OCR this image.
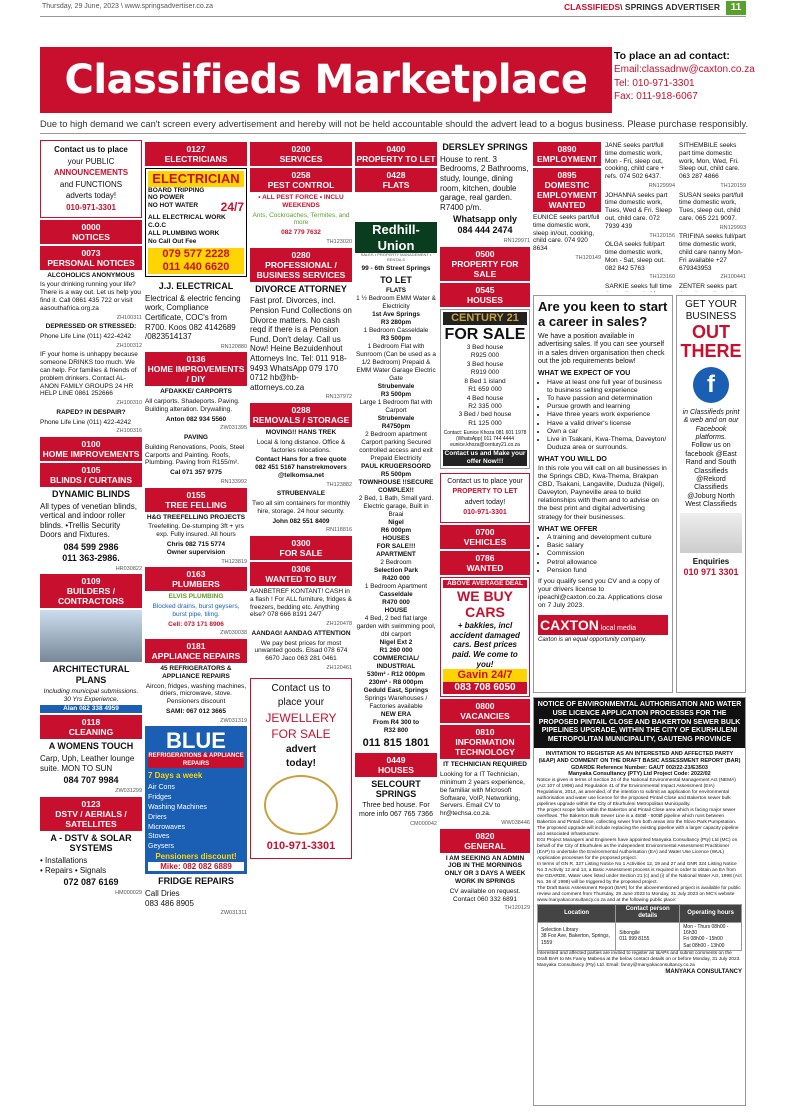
Thursday, 29 June, 2023 \ www.springsadvertiser.co.za	CLASSIFIEDS\ SPRINGS ADVERTISER	11
Classifieds Marketplace
To place an ad contact:
Email:classadnw@caxton.co.za
Tel: 010-971-3301
Fax: 011-918-6067
Due to high demand we can't screen every advertisement and hereby will not be held accountable should the advert lead to a bogus business. Please purchase responsibly.
Contact us to place
your PUBLIC
ANNOUNCEMENTS
and FUNCTIONS
adverts today!
010-971-3301
0000
NOTICES
0073
PERSONAL NOTICES

ALCOHOLICS ANONYMOUS

Is your drinking running your life? There is a way out. Let us help you find it. Call 0861 435 722 or visit aasouthafrica.org.za

ZH100311

DEPRESSED OR STRESSED:

Phone Life Line (011) 422-4242

ZH100312

IF your home is unhappy because someone DRINKS too much. We can help. For families & friends of problem drinkers. Contact AL-ANON FAMILY GROUPS 24 HR HELP LINE 0861 252666

ZH100310

RAPED? IN DESPAIR?

Phone Life Line (011) 422-4242

ZH100316
0100
HOME IMPROVEMENTS
0105
BLINDS / CURTAINS

DYNAMIC BLINDS

All types of venetian blinds, vertical and indoor roller blinds. •Trellis Security Doors and Fixtures.

084 599 2986
011 363-2986.

HR030822
0109
BUILDERS / CONTRACTORS

ARCHITECTURAL PLANS

Including municipal submissions. 30 Yrs Experience.

Alan 082 338 4959

0118
CLEANING

A WOMENS TOUCH

Carp, Uph, Leather lounge suite. MON TO SUN

084 707 9984

ZW031299
0123
DSTV / AERIALS / SATELLITES

A - DSTV & SOLAR SYSTEMS

• Installations
• Repairs • Signals

072 087 6169

HM000029
0127
ELECTRICIANS
ELECTRICIAN
BOARD TRIPPING
NO POWER
NO HOT WATER	24/7
ALL ELECTRICAL WORK
C.O.C
ALL PLUMBING WORK
No Call Out Fee
079 577 2228
011 440 6620

J.J. ELECTRICAL

Electrical & electric fencing work, Compliance Certificate, COC's from R700. Koos 082 4142689 /0823514137

RN120880
0136
HOME IMPROVEMENTS / DIY

AFDAKKE/ CARPORTS

All carports. Shadeports. Paving. Building alteration. Drywalling.

Anton 082 934 5560

ZW031395

PAVING

Building Renovations, Pools, Steel Carports and Painting. Roofs, Plumbing. Paving from R155/m².

Cal 071 357 9775

RN133992
0155
TREE FELLING

H&G TREEFELLING PROJECTS

Treefelling. De-stumping 3ft + yrs exp. Fully insured. All hours

Chris 082 715 5774
Owner supervision

TH123819
0163
PLUMBERS

ELVIS PLUMBING

Blocked drains, burst geysers, burst pipe, tiling.

Cell: 073 171 8906

ZW030038
0181
APPLIANCE REPAIRS

45 REFRIGERATORS & APPLIANCE REPAIRS

Aircon, fridges, washing machines, driers, microwave, stove. Pensioners discount

SAMI: 067 012 3665

ZW031319
BLUE
REFRIGERATIONS & APPLIANCE REPAIRS
7 Days a week
Air Cons
Fridges
Washing Machines
Driers
Microwaves
Stoves
Geysers
Pensioners discount!
Mike: 082 082 6889

FRIDGE REPAIRS

Call Dries
083 486 8905

ZW031311
0200
SERVICES
0258
PEST CONTROL

• ALL PEST FORCE • INCLU WEEKENDS

Ants, Cockroaches, Termites, and more

082 779 7632

TH123020
0280
PROFESSIONAL / BUSINESS SERVICES

DIVORCE ATTORNEY

Fast prof. Divorces, incl. Pension Fund Collections on Divorce matters. No cash reqd if there is a Pension Fund. Don't delay. Call us Now! Heine Bezuidenhout Attorneys Inc. Tel: 011 918-9493 WhatsApp 079 170 0712 hb@hb-attorneys.co.za

RN137972
0288
REMOVALS / STORAGE

MOVING!! HANS TREK

Local & long distance. Office & factories relocations.

Contact Hans for a free quote 082 451 5167 hanstrekmovers @telkomsa.net

TH123882

STRUBENVALE

Two all sim containers for monthly hire, storage. 24 hour security.

John 082 551 8409

RN118816
0300
FOR SALE
0306
WANTED TO BUY

AANBETREF KONTANT! CASH in a flash ! For ALL furniture, fridges & freezers, bedding etc. Anything else? 078 666 8191 24/7

ZH120478

AANDAG! AANDAG ATTENTION

We pay best prices for most unwanted goods. Elsad 078 674 6670 Jaco 063 281 0461

ZH120461
Contact us to
place your
JEWELLERY
FOR SALE
advert
today!
010-971-3301
0400
PROPERTY TO LET
0428
FLATS
Redhill-Union
SALES • PROPERTY MANAGEMENT • RENTALS

99 - 6th Street Springs

TO LET

FLATS
1 ½ Bedroom EMM Water & Electricity
1st Ave Springs
R3 280pm
1 Bedroom Casseldale
R3 500pm
1 Bedroom Flat with Sunroom (Can be used as a 1/2 Bedroom) Prepaid & EMM Water Garage Electric Gate
Strubenvale
R3 500pm
Large 1 Bedroom flat with Carport
Strubenvale
R4750pm
2 Bedroom apartment Carport parking Secured controlled access and exit Prepaid Electricity
PAUL KRUGERSOORD
R5 500pm
TOWNHOUSE !!SECURE COMPLEX!!
2 Bed, 1 Bath, Small yard. Electric garage, Built in Braai
Nigel
R6 000pm
HOUSES
FOR SALE!!!
APARTMENT
2 Bedroom
Selection Park
R420 000
1 Bedroom Apartment
Casseldale
R470 000
HOUSE
4 Bed, 2 bed flat large garden with swimming pool, dbl carport
Nigel Ext 2
R1 260 000
COMMERCIAL/ INDUSTRIAL
530m² - R12 000pm
230m² - R8 000pm
Geduld East, Springs
Springs Warehouses / Factories available
NEW ERA
From R4 300 to
R32 800

011 815 1801

0449
HOUSES

SELCOURT SPRINGS

Three bed house. For more info 067 765 7366

CM000042

DERSLEY SPRINGS

House to rent. 3 Bedrooms, 2 Bathrooms, study, lounge, dining room, kitchen, double garage, real garden. R7400 p/m.

Whatsapp only
084 444 2474

RN129971
0500
PROPERTY FOR SALE
0545
HOUSES
CENTURY 21
FOR SALE
3 Bed house
R925 000
3 Bed house
R919 000
8 Bed 1 island
R1 659 000
4 Bed house
R2 335 000
3 Bed / bed house
R1 125 000

Contact: Eunice Khoza 081 601 1978 (WhatsApp) 011 744 4444 eunice.khoza@century21.co.za

Contact us and Make your offer Now!!!
Contact us to place your
PROPERTY TO LET
advert today!
010-971-3301
0700
VEHICLES
0786
WANTED
ABOVE AVERAGE DEAL
WE BUY CARS
+ bakkies, incl accident damaged cars. Best prices paid. We come to you!
Gavin 24/7
083 708 6050
0800
VACANCIES
0810
INFORMATION TECHNOLOGY

IT TECHNICIAN REQUIRED

Looking for a IT Technician, minimum 2 years experience, be familiar with Microsoft Software, VoIP, Networking, Servers. Email CV to hr@techsa.co.za.

WW038446
0820
GENERAL

I AM SEEKING AN ADMIN JOB IN THE MORNINGS ONLY OR 3 DAYS A WEEK WORK IN SPRINGS

CV available on request. Contact 060 332 6891

TH120129
0890
EMPLOYMENT
0895
DOMESTIC EMPLOYMENT WANTED

EUNICE seeks part/full time domestic work, sleep in/out, cooking, child care. 074 920 8634

TH120149

JANE seeks part/full time domestic work, Mon - Fri, sleep out, cooking, child care + refs. 074 502 6437.

RN129994

JOHANNA seeks part time domestic work, Tues, Wed & Fri. Sleep out, child care. 072 7939 439

TH120156

OLGA seeks full/part time domestic work, Mon - Sat, sleep out. 082 842 5763

TH123160

SARKIE seeks full time

SITHEMBILE seeks part time domestic work, Mon, Wed, Fri. Sleep out, child care. 063 287 4866

TH120159

SUSAN seeks part/full time domestic work, Tues, sleep out, child care. 065 221 9097.

RN129993

TRIFINA seeks full/part time domestic work, child care nanny Mon-Fri available +27 679343953

ZH100441

ZENTER seeks part

Are you keen to start a career in sales?

We have a position available in advertising sales. If you can see yourself in a sales driven organisation then check out the job requirements below!

WHAT WE EXPECT OF YOU
• Have at least one full year of business to business selling experience
• To have passion and determination
• Pursue growth and learning
• Have three years work experience
• Have a valid driver's license
• Own a car
• Live in Tsakani, Kwa-Thema, Daveyton/ Duduza area or surrounds.
WHAT YOU WILL DO

In this role you will call on all businesses in the Springs CBD, Kwa-Thema, Brakpan CBD, Tsakani, Langaville, Duduza (Nigel), Daveyton, Payneville area to build relationships with them and to advise on the best print and digital advertising strategy for their businesses.

WHAT WE OFFER
• A training and development culture
• Basic salary
• Commission
• Petrol allowance
• Pension fund

If you qualify send you CV and a copy of your drivers license to ipeachl@caxton.co.za. Applications close on 7 July 2023.

CAXTON local media
Caxton is an equal opportunity company.
GET YOUR
BUSINESS
OUT
THERE
f

in Classifieds print & web and on our Facebook platforms.

Follow us on facebook @East Rand and South Classifieds @Rekord Classifieds @Joburg North West Classifieds

Enquiries
010 971 3301
NOTICE OF ENVIRONMENTAL AUTHORISATION AND WATER USE LICENCE APPLICATION PROCESSES FOR THE PROPOSED PINTAIL CLOSE AND BAKERTON SEWER BULK PIPELINES UPGRADE, WITHIN THE CITY OF EKURHULENI METROPOLITAN MUNICIPALITY, GAUTENG PROVINCE
INVITATION TO REGISTER AS AN INTERESTED AND AFFECTED PARTY (I&AP) AND COMMENT ON THE DRAFT BASIC ASSESSMENT REPORT (BAR)
GDARDE Reference Number: GAUT 002/22-23/E3503
Manyaka Consultancy (PTY) Ltd Project Code: 2022/02

Notice is given in terms of Section 24 of the National Environmental Management Act (NEMA) (Act 107 of 1998) and Regulation 41 of the Environmental Impact Assessment (EIA) Regulations, 2014, as amended, of the intention to submit an application for environmental authorisation and water use licence for the proposed Pintail Close and Bakerton sewer bulk pipelines upgrade within the City of Ekurhuleni Metropolitan Municipality.

The project scope falls within the Bakerton and Pintail Close area which is facing major sewer overflows. The Bakerton Bulk Sewer Line is a 450Ø - 600Ø pipeline which runs between Bakerton and Pintail Close, collecting sewer from both areas into the Slovo Park Pumpstation. The proposed upgrade will include replacing the existing pipeline with a larger capacity pipeline and associated infrastructure.

EGI Project Managers and Engineers have appointed Manyaka Consultancy (Pty) Ltd (MC) on behalf of the City of Ekurhuleni as the independent Environmental Assessment Practitioner (EAP) to undertake the Environmental Authorisation (EA) and Water Use Licence (WUL) Application processes for the proposed project.

In terms of GN R. 327 Listing Notice No 1 Activities 12, 19 and 27 and GNR 324 Listing Notice No 3 Activity 12 and 14, a Basic Assessment process is required in order to obtain an EA from the GDARDE. Water uses listed under Section 21 (c) and (i) of the National Water Act, 1998 (Act No. 36 of 1998) will be triggered by the proposed project.

The Draft Basic Assessment Report (BAR) for the abovementioned project is available for public review and comment from Thursday, 29 June 2023 to Monday, 31 July 2023 on MC's website www.manyakaconsultancy.co.za and at the following public place:

Location	Contact person details	Operating hours
Selection Library
38 Fox Ave, Bakerton, Springs, 1559	Sibongile
011 999 8155	Mon - Thurs 08h00 - 16h30
Fri 08h00 - 15h00
Sat 08h00 - 13h00

Interested and affected parties are invited to register as I&APs and submit comments on the Draft BAR to Ms Fanny Mabena at the below contact details on or before Monday, 31 July 2023.

Manyaka Consultancy (Pty) Ltd. Email: fanny@manyakaconsultancy.co.za

MANYAKA CONSULTANCY
